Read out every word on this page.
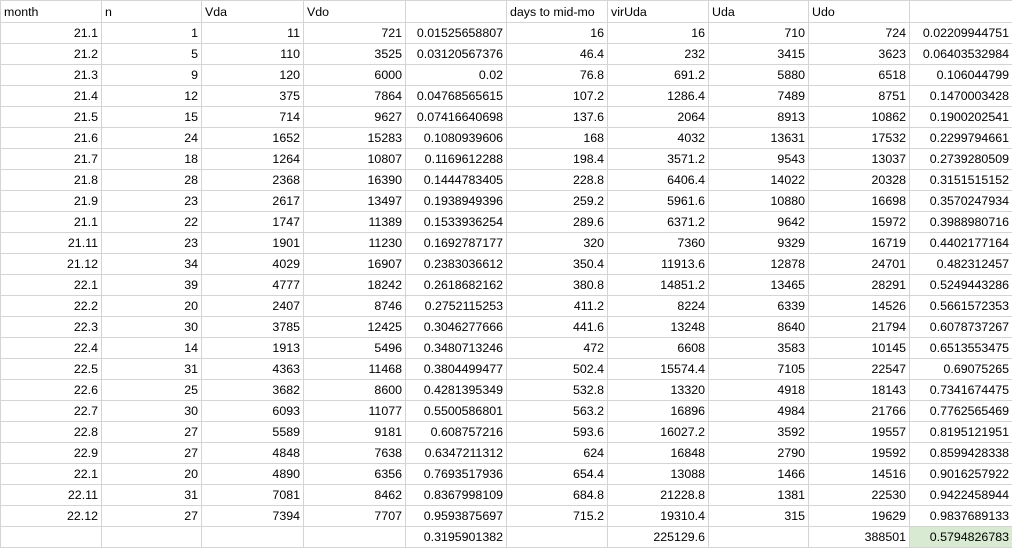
month	n	Vda	Vdo		days to mid-mo	virUda	Uda	Udo	
21.1	1	11	721	0.01525658807	16	16	710	724	0.02209944751
21.2	5	110	3525	0.03120567376	46.4	232	3415	3623	0.06403532984
21.3	9	120	6000	0.02	76.8	691.2	5880	6518	0.106044799
21.4	12	375	7864	0.04768565615	107.2	1286.4	7489	8751	0.1470003428
21.5	15	714	9627	0.07416640698	137.6	2064	8913	10862	0.1900202541
21.6	24	1652	15283	0.1080939606	168	4032	13631	17532	0.2299794661
21.7	18	1264	10807	0.1169612288	198.4	3571.2	9543	13037	0.2739280509
21.8	28	2368	16390	0.1444783405	228.8	6406.4	14022	20328	0.3151515152
21.9	23	2617	13497	0.1938949396	259.2	5961.6	10880	16698	0.3570247934
21.1	22	1747	11389	0.1533936254	289.6	6371.2	9642	15972	0.3988980716
21.11	23	1901	11230	0.1692787177	320	7360	9329	16719	0.4402177164
21.12	34	4029	16907	0.2383036612	350.4	11913.6	12878	24701	0.482312457
22.1	39	4777	18242	0.2618682162	380.8	14851.2	13465	28291	0.5249443286
22.2	20	2407	8746	0.2752115253	411.2	8224	6339	14526	0.5661572353
22.3	30	3785	12425	0.3046277666	441.6	13248	8640	21794	0.6078737267
22.4	14	1913	5496	0.3480713246	472	6608	3583	10145	0.6513553475
22.5	31	4363	11468	0.3804499477	502.4	15574.4	7105	22547	0.69075265
22.6	25	3682	8600	0.4281395349	532.8	13320	4918	18143	0.7341674475
22.7	30	6093	11077	0.5500586801	563.2	16896	4984	21766	0.7762565469
22.8	27	5589	9181	0.608757216	593.6	16027.2	3592	19557	0.8195121951
22.9	27	4848	7638	0.6347211312	624	16848	2790	19592	0.8599428338
22.1	20	4890	6356	0.7693517936	654.4	13088	1466	14516	0.9016257922
22.11	31	7081	8462	0.8367998109	684.8	21228.8	1381	22530	0.9422458944
22.12	27	7394	7707	0.9593875697	715.2	19310.4	315	19629	0.9837689133
				0.3195901382		225129.6		388501	0.5794826783
